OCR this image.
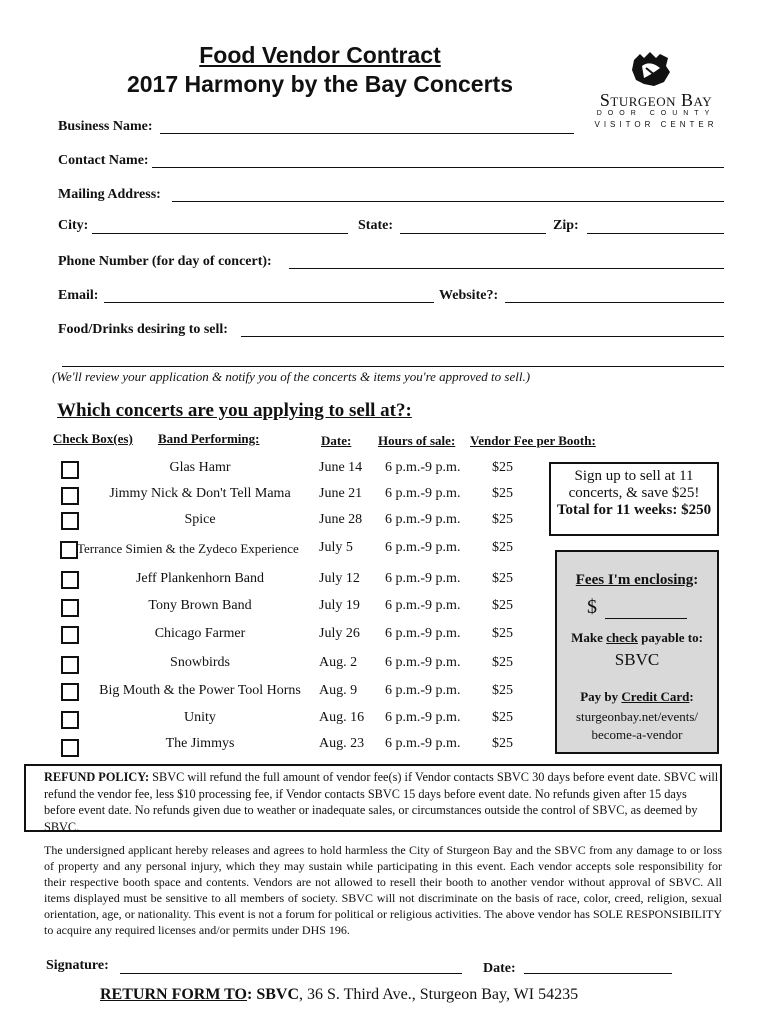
Food Vendor Contract
2017 Harmony by the Bay Concerts
Sturgeon Bay
DOOR COUNTY
VISITOR CENTER
Business Name:
Contact Name:
Mailing Address:
City:	State:	Zip:
Phone Number (for day of concert):
Email:	Website?:
Food/Drinks desiring to sell:
(We'll review your application & notify you of the concerts & items you're approved to sell.)
Which concerts are you applying to sell at?:
Check Box(es) Band Performing:	Date: Hours of sale: Vendor Fee per Booth:
Glas Hamr	June 14 6 p.m.-9 p.m. $25
Jimmy Nick & Don't Tell Mama	June 21 6 p.m.-9 p.m. $25
Spice	June 28 6 p.m.-9 p.m. $25
Terrance Simien & the Zydeco Experience July 5 6 p.m.-9 p.m. $25
Jeff Plankenhorn Band	July 12 6 p.m.-9 p.m. $25
Tony Brown Band	July 19 6 p.m.-9 p.m. $25
Chicago Farmer	July 26 6 p.m.-9 p.m. $25
Snowbirds	Aug. 2 6 p.m.-9 p.m. $25
Big Mouth & the Power Tool Horns	Aug. 9 6 p.m.-9 p.m. $25
Unity	Aug. 16 6 p.m.-9 p.m. $25
The Jimmys	Aug. 23 6 p.m.-9 p.m. $25
Sign up to sell at 11
concerts, & save $25!
Total for 11 weeks: $250
Fees I'm enclosing:
$
Make check payable to:
SBVC
Pay by Credit Card:
sturgeonbay.net/events/
become-a-vendor
REFUND POLICY: SBVC will refund the full amount of vendor fee(s) if Vendor contacts SBVC 30 days before event date. SBVC will refund the vendor fee, less $10 processing fee, if Vendor contacts SBVC 15 days before event date. No refunds given after 15 days before event date. No refunds given due to weather or inadequate sales, or circumstances outside the control of SBVC, as deemed by SBVC.
The undersigned applicant hereby releases and agrees to hold harmless the City of Sturgeon Bay and the SBVC from any damage to or loss of property and any personal injury, which they may sustain while participating in this event. Each vendor accepts sole responsibility for their respective booth space and contents. Vendors are not allowed to resell their booth to another vendor without approval of SBVC. All items displayed must be sensitive to all members of society. SBVC will not discriminate on the basis of race, color, creed, religion, sexual orientation, age, or nationality. This event is not a forum for political or religious activities. The above vendor has SOLE RESPONSIBILITY to acquire any required licenses and/or permits under DHS 196.
Signature:	Date:
RETURN FORM TO: SBVC, 36 S. Third Ave., Sturgeon Bay, WI 54235
